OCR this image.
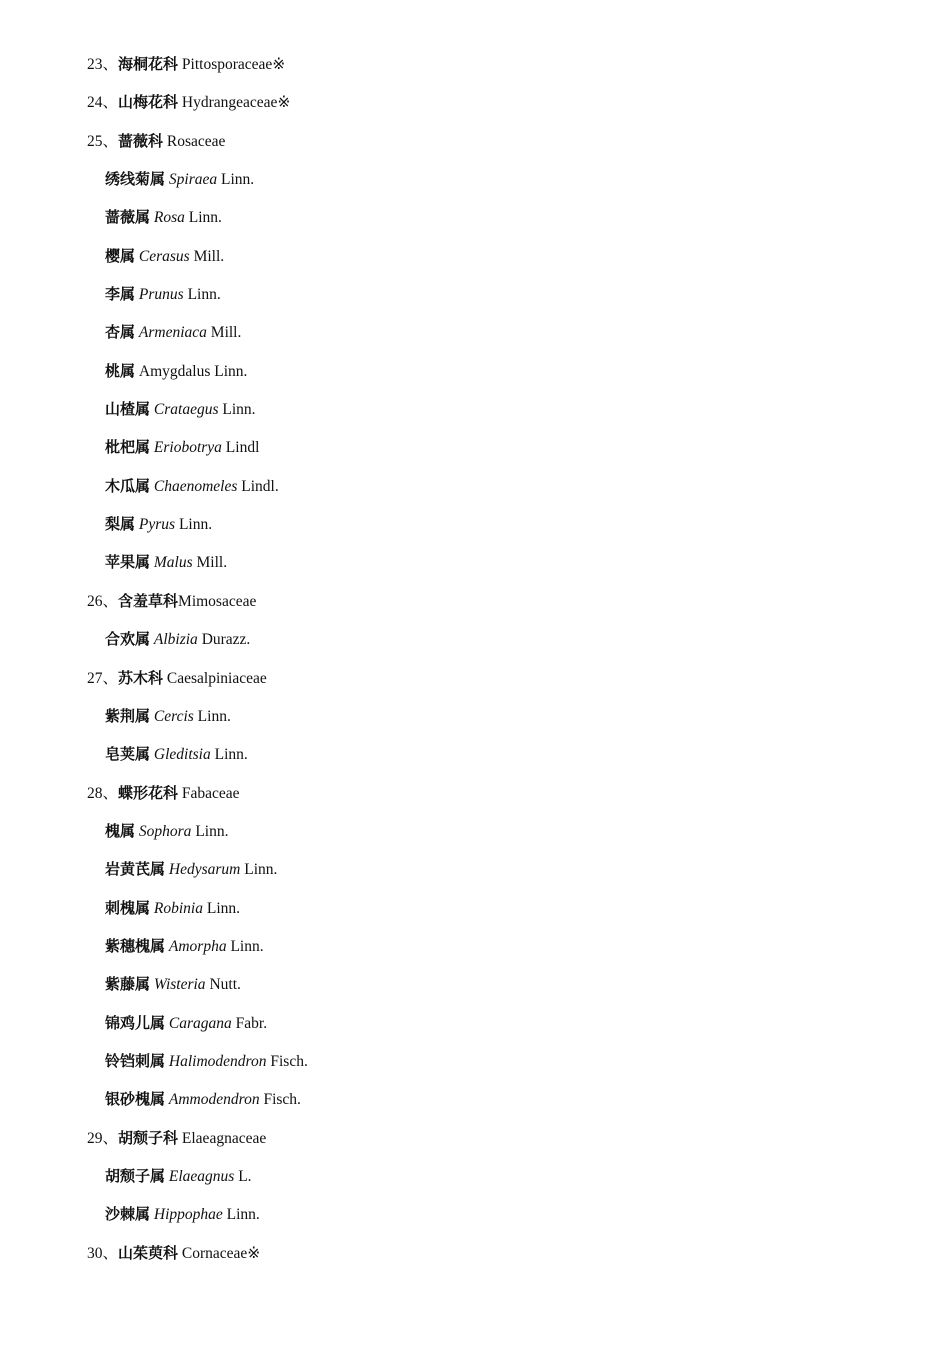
23、海桐花科 Pittosporaceae※
24、山梅花科 Hydrangeaceae※
25、蔷薇科 Rosaceae
绣线菊属 Spiraea Linn.
蔷薇属 Rosa Linn.
樱属 Cerasus Mill.
李属 Prunus Linn.
杏属 Armeniaca Mill.
桃属 Amygdalus Linn.
山楂属 Crataegus Linn.
枇杷属 Eriobotrya Lindl
木瓜属 Chaenomeles Lindl.
梨属 Pyrus Linn.
苹果属 Malus Mill.
26、含羞草科Mimosaceae
合欢属 Albizia Durazz.
27、苏木科 Caesalpiniaceae
紫荆属 Cercis Linn.
皂荚属 Gleditsia Linn.
28、蝶形花科 Fabaceae
槐属 Sophora Linn.
岩黄芪属 Hedysarum Linn.
刺槐属 Robinia Linn.
紫穗槐属 Amorpha Linn.
紫藤属 Wisteria Nutt.
锦鸡儿属 Caragana Fabr.
铃铛刺属 Halimodendron Fisch.
银砂槐属 Ammodendron Fisch.
29、胡颓子科 Elaeagnaceae
胡颓子属 Elaeagnus L.
沙棘属 Hippophae Linn.
30、山茱萸科 Cornaceae※
